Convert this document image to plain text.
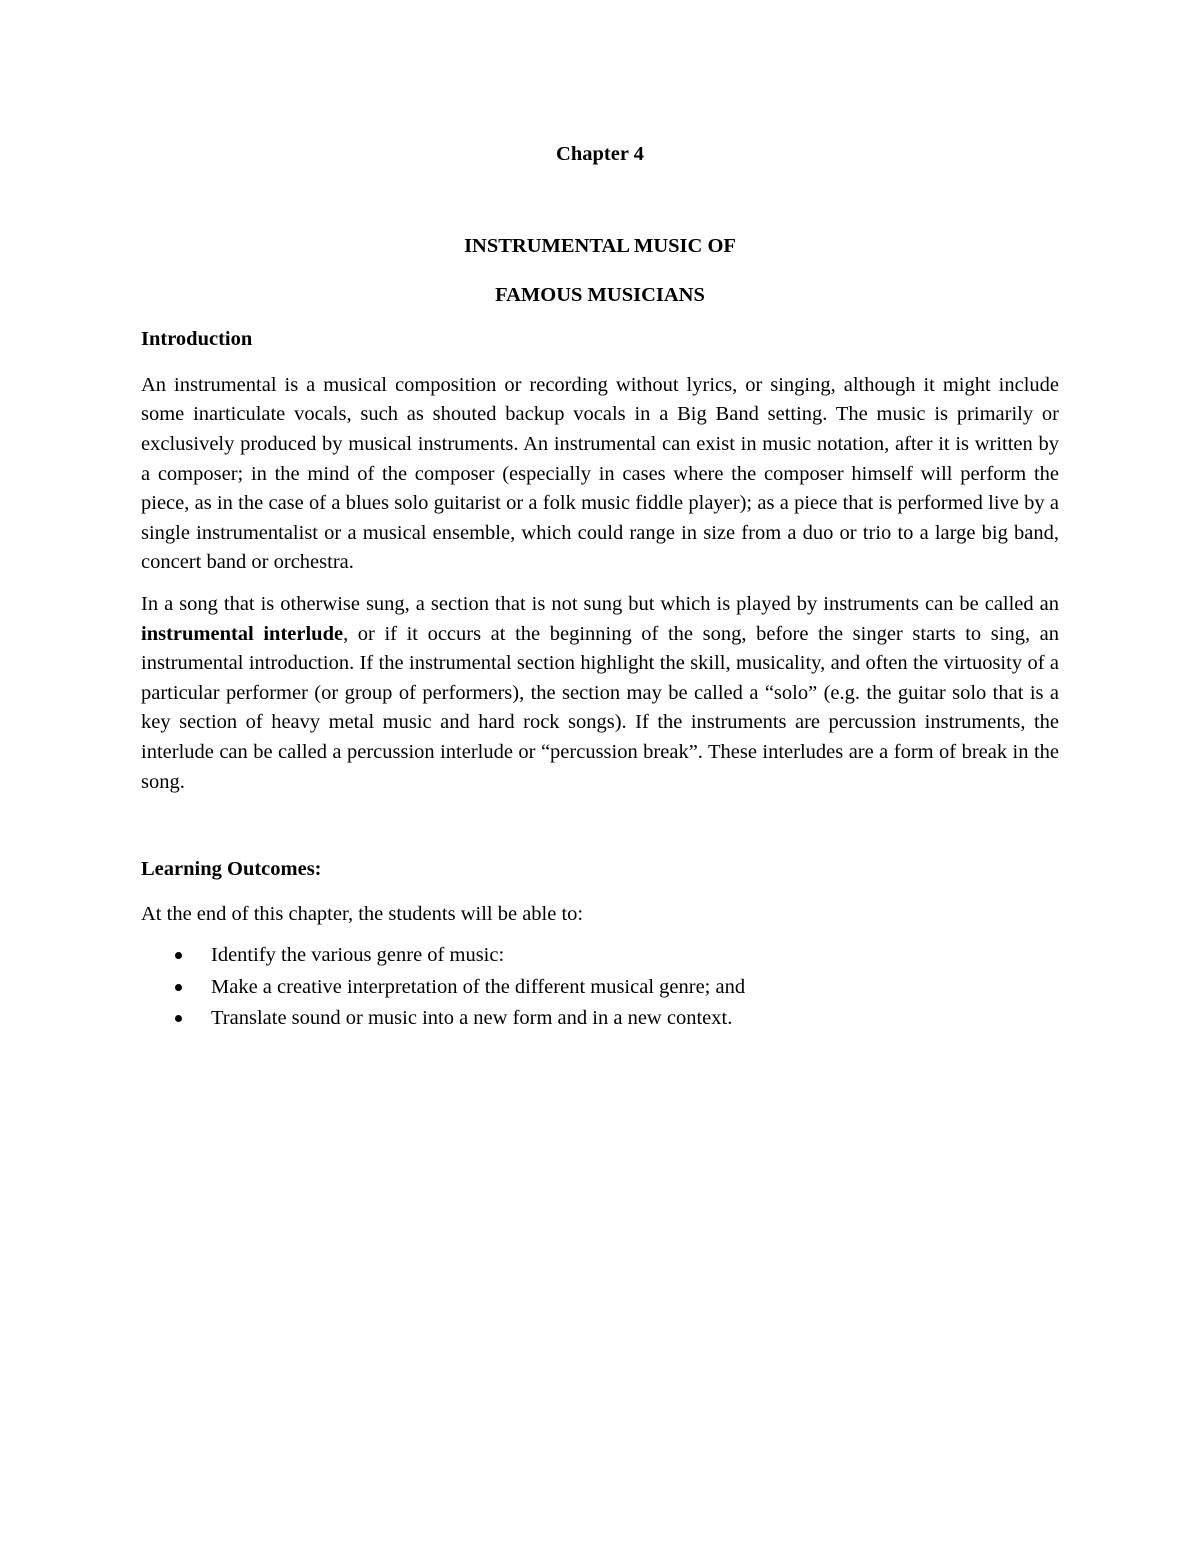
Chapter 4

INSTRUMENTAL MUSIC OF

FAMOUS MUSICIANS

Introduction

An instrumental is a musical composition or recording without lyrics, or singing, although it might include some inarticulate vocals, such as shouted backup vocals in a Big Band setting. The music is primarily or exclusively produced by musical instruments. An instrumental can exist in music notation, after it is written by a composer; in the mind of the composer (especially in cases where the composer himself will perform the piece, as in the case of a blues solo guitarist or a folk music fiddle player); as a piece that is performed live by a single instrumentalist or a musical ensemble, which could range in size from a duo or trio to a large big band, concert band or orchestra.

In a song that is otherwise sung, a section that is not sung but which is played by instruments can be called an instrumental interlude, or if it occurs at the beginning of the song, before the singer starts to sing, an instrumental introduction. If the instrumental section highlight the skill, musicality, and often the virtuosity of a particular performer (or group of performers), the section may be called a “solo” (e.g. the guitar solo that is a key section of heavy metal music and hard rock songs). If the instruments are percussion instruments, the interlude can be called a percussion interlude or “percussion break”. These interludes are a form of break in the song.

Learning Outcomes:

At the end of this chapter, the students will be able to:

Identify the various genre of music:
Make a creative interpretation of the different musical genre; and
Translate sound or music into a new form and in a new context.
